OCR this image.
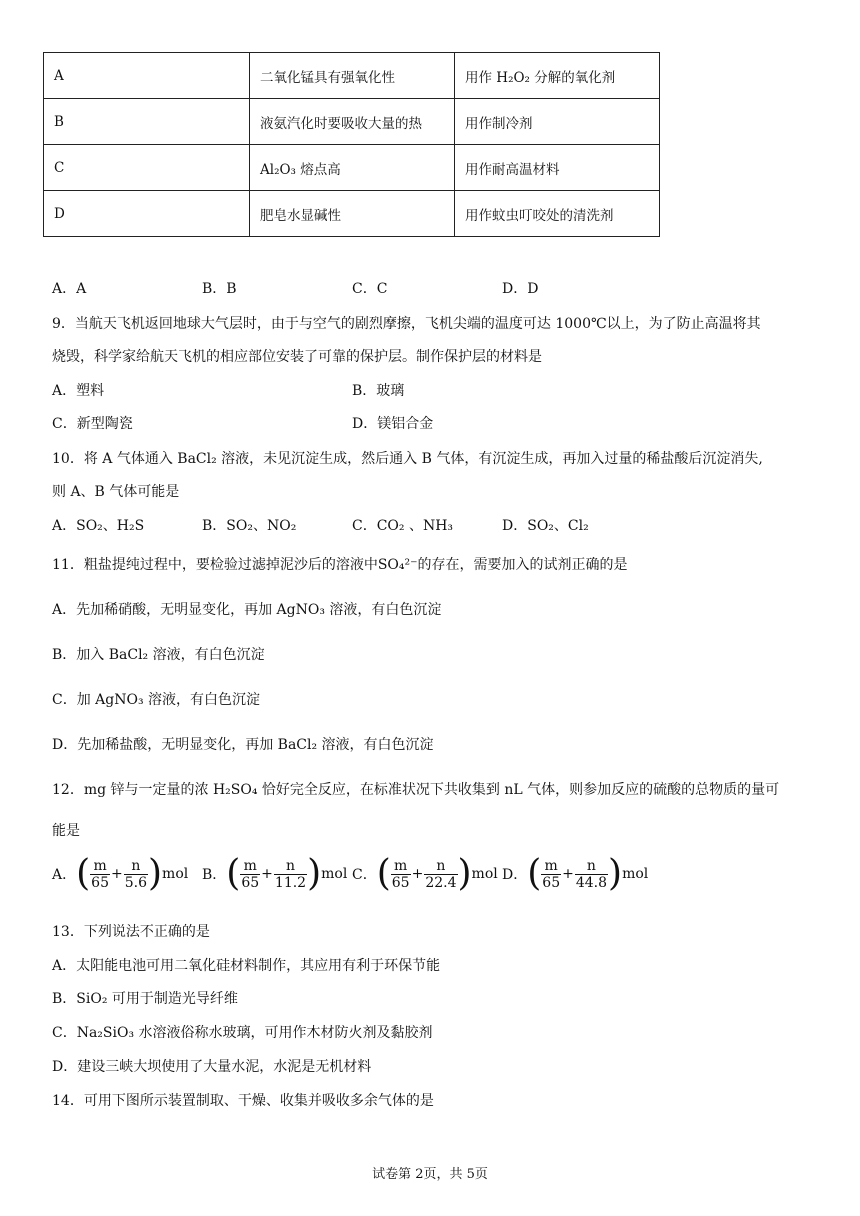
A	二氧化锰具有强氧化性	用作 H₂O₂ 分解的氧化剂
B	液氨汽化时要吸收大量的热	用作制冷剂
C	Al₂O₃ 熔点高	用作耐高温材料
D	肥皂水显碱性	用作蚊虫叮咬处的清洗剂
A．A	B．B	C．C	D．D
9．当航天飞机返回地球大气层时，由于与空气的剧烈摩擦，飞机尖端的温度可达 1000℃以上，为了防止高温将其
烧毁，科学家给航天飞机的相应部位安装了可靠的保护层。制作保护层的材料是
A．塑料	B．玻璃
C．新型陶瓷	D．镁铝合金
10．将 A 气体通入 BaCl₂ 溶液，未见沉淀生成，然后通入 B 气体，有沉淀生成，再加入过量的稀盐酸后沉淀消失,
则 A、B 气体可能是
A．SO₂、H₂S	B．SO₂、NO₂	C．CO₂ 、NH₃	D．SO₂、Cl₂
11．粗盐提纯过程中，要检验过滤掉泥沙后的溶液中SO₄²⁻的存在，需要加入的试剂正确的是
A．先加稀硝酸，无明显变化，再加 AgNO₃ 溶液，有白色沉淀
B．加入 BaCl₂ 溶液，有白色沉淀
C．加 AgNO₃ 溶液，有白色沉淀
D．先加稀盐酸，无明显变化，再加 BaCl₂ 溶液，有白色沉淀
12．mg 锌与一定量的浓 H₂SO₄ 恰好完全反应，在标准状况下共收集到 nL 气体，则参加反应的硫酸的总物质的量可
能是
A．( $\frac{m}{65} + \frac{n}{5.6} )mol$ B．( $\frac{m}{65} + \frac{n}{11.2} )mol$ C．( $\frac{m}{65} + \frac{n}{22.4} )mol$ D．( $\frac{m}{65} + \frac{n}{44.8} )mol$
13．下列说法不正确的是
A．太阳能电池可用二氧化硅材料制作，其应用有利于环保节能
B．SiO₂ 可用于制造光导纤维
C．Na₂SiO₃ 水溶液俗称水玻璃，可用作木材防火剂及黏胶剂
D．建设三峡大坝使用了大量水泥，水泥是无机材料
14．可用下图所示装置制取、干燥、收集并吸收多余气体的是
试卷第 2页，共 5页
